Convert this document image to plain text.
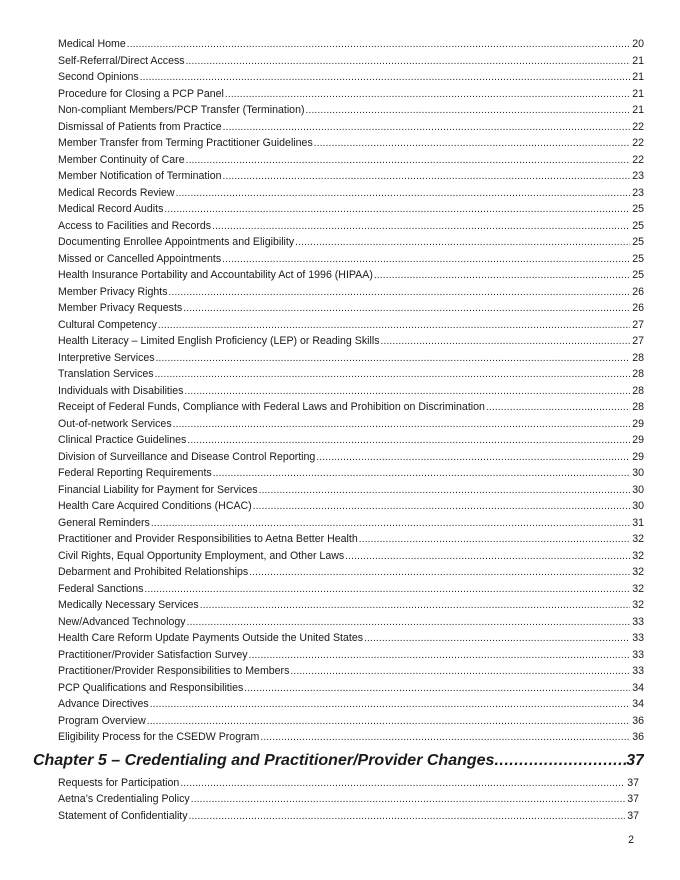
Medical Home .....	20
Self-Referral/Direct Access .....	21
Second Opinions .....	21
Procedure for Closing a PCP Panel .....	21
Non-compliant Members/PCP Transfer (Termination) .....	21
Dismissal of Patients from Practice .....	22
Member Transfer from Terming Practitioner Guidelines .....	22
Member Continuity of Care .....	22
Member Notification of Termination .....	23
Medical Records Review .....	23
Medical Record Audits .....	25
Access to Facilities and Records .....	25
Documenting Enrollee Appointments and Eligibility .....	25
Missed or Cancelled Appointments .....	25
Health Insurance Portability and Accountability Act of 1996 (HIPAA) .....	25
Member Privacy Rights .....	26
Member Privacy Requests .....	26
Cultural Competency .....	27
Health Literacy – Limited English Proficiency (LEP) or Reading Skills .....	27
Interpretive Services .....	28
Translation Services .....	28
Individuals with Disabilities .....	28
Receipt of Federal Funds, Compliance with Federal Laws and Prohibition on Discrimination .....	28
Out-of-network Services .....	29
Clinical Practice Guidelines .....	29
Division of Surveillance and Disease Control Reporting .....	29
Federal Reporting Requirements .....	30
Financial Liability for Payment for Services .....	30
Health Care Acquired Conditions (HCAC) .....	30
General Reminders .....	31
Practitioner and Provider Responsibilities to Aetna Better Health .....	32
Civil Rights, Equal Opportunity Employment, and Other Laws .....	32
Debarment and Prohibited Relationships .....	32
Federal Sanctions .....	32
Medically Necessary Services .....	32
New/Advanced Technology .....	33
Health Care Reform Update Payments Outside the United States .....	33
Practitioner/Provider Satisfaction Survey .....	33
Practitioner/Provider Responsibilities to Members .....	33
PCP Qualifications and Responsibilities .....	34
Advance Directives .....	34
Program Overview .....	36
Eligibility Process for the CSEDW Program .....	36
Chapter 5 – Credentialing and Practitioner/Provider Changes .....	37
Requests for Participation .....	37
Aetna’s Credentialing Policy .....	37
Statement of Confidentiality .....	37
2
